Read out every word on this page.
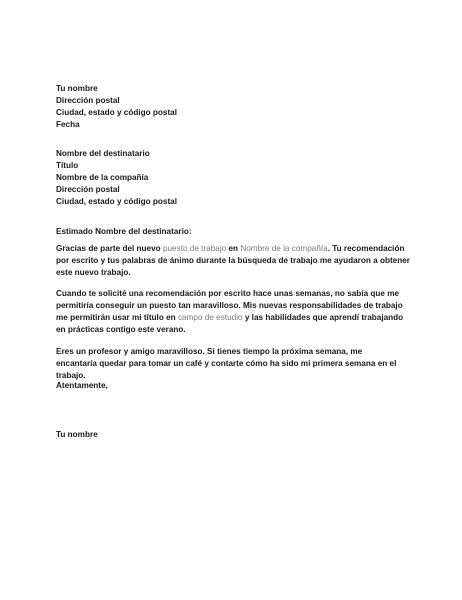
Tu nombre
Dirección postal
Ciudad, estado y código postal
Fecha
Nombre del destinatario
Título
Nombre de la compañía
Dirección postal
Ciudad, estado y código postal
Estimado Nombre del destinatario:
Gracias de parte del nuevo puesto de trabajo en Nombre de la compañía. Tu recomendación por escrito y tus palabras de ánimo durante la búsqueda de trabajo me ayudaron a obtener este nuevo trabajo.
Cuando te solicité una recomendación por escrito hace unas semanas, no sabía que me permitiría conseguir un puesto tan maravilloso. Mis nuevas responsabilidades de trabajo me permitirán usar mi título en campo de estudio y las habilidades que aprendí trabajando en prácticas contigo este verano.
Eres un profesor y amigo maravilloso. Si tienes tiempo la próxima semana, me encantaría quedar para tomar un café y contarte cómo ha sido mi primera semana en el trabajo.
Atentamente,
Tu nombre
